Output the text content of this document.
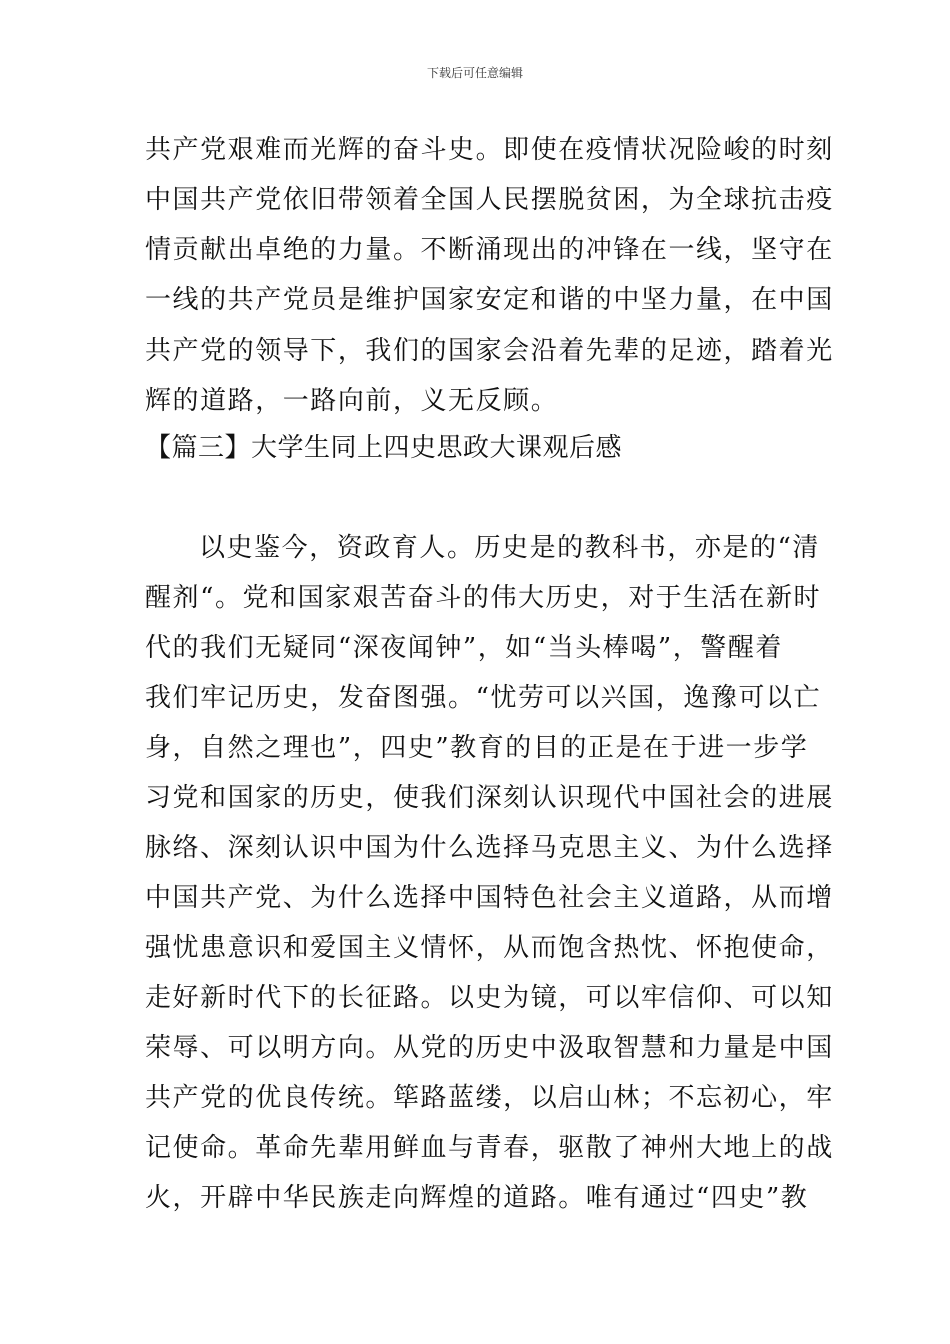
下载后可任意编辑
共产党艰难而光辉的奋斗史。即使在疫情状况险峻的时刻
中国共产党依旧带领着全国人民摆脱贫困，为全球抗击疫
情贡献出卓绝的力量。不断涌现出的冲锋在一线，坚守在
一线的共产党员是维护国家安定和谐的中坚力量，在中国
共产党的领导下，我们的国家会沿着先辈的足迹，踏着光
辉的道路，一路向前，义无反顾。
【篇三】大学生同上四史思政大课观后感
以史鉴今，资政育人。历史是的教科书，亦是的“清
醒剂“。党和国家艰苦奋斗的伟大历史，对于生活在新时
代的我们无疑同“深夜闻钟”，如“当头棒喝”，警醒着
我们牢记历史，发奋图强。“忧劳可以兴国，逸豫可以亡
身，自然之理也”，四史”教育的目的正是在于进一步学
习党和国家的历史，使我们深刻认识现代中国社会的进展
脉络、深刻认识中国为什么选择马克思主义、为什么选择
中国共产党、为什么选择中国特色社会主义道路，从而增
强忧患意识和爱国主义情怀，从而饱含热忱、怀抱使命，
走好新时代下的长征路。以史为镜，可以牢信仰、可以知
荣辱、可以明方向。从党的历史中汲取智慧和力量是中国
共产党的优良传统。筚路蓝缕，以启山林；不忘初心，牢
记使命。革命先辈用鲜血与青春，驱散了神州大地上的战
火，开辟中华民族走向辉煌的道路。唯有通过“四史”教
